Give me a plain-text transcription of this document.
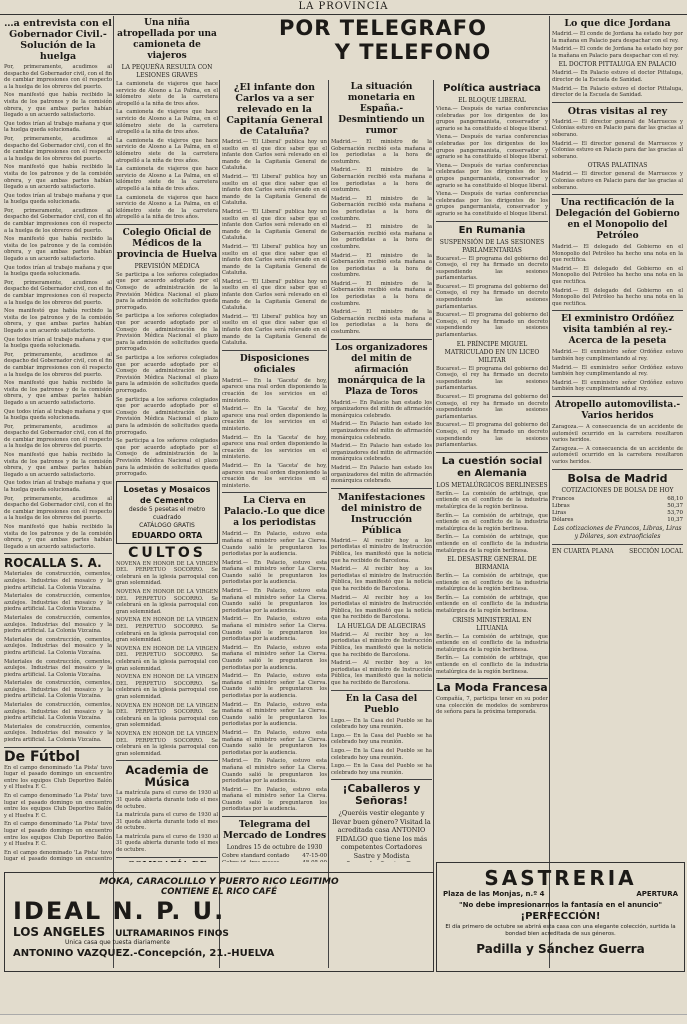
LA PROVINCIA
POR TELEGRAFO
Y TELEFONO
…a entrevista con el Gobernador Civil.-Solución de la huelga

Por, primeramente, acudimos al despacho del Gobernador civil, con el fin de cambiar impresiones con él respecto a la huelga de los obreros del puerto.

Nos manifestó que había recibido la visita de los patronos y de la comisión obrera, y que ambas partes habían llegado a un acuerdo satisfactorio.

Que todos irían al trabajo mañana y que la huelga queda solucionada.

Por, primeramente, acudimos al despacho del Gobernador civil, con el fin de cambiar impresiones con él respecto a la huelga de los obreros del puerto.

Nos manifestó que había recibido la visita de los patronos y de la comisión obrera, y que ambas partes habían llegado a un acuerdo satisfactorio.

Que todos irían al trabajo mañana y que la huelga queda solucionada.

Por, primeramente, acudimos al despacho del Gobernador civil, con el fin de cambiar impresiones con él respecto a la huelga de los obreros del puerto.

Nos manifestó que había recibido la visita de los patronos y de la comisión obrera, y que ambas partes habían llegado a un acuerdo satisfactorio.

Que todos irían al trabajo mañana y que la huelga queda solucionada.

Por, primeramente, acudimos al despacho del Gobernador civil, con el fin de cambiar impresiones con él respecto a la huelga de los obreros del puerto.

Nos manifestó que había recibido la visita de los patronos y de la comisión obrera, y que ambas partes habían llegado a un acuerdo satisfactorio.

Que todos irían al trabajo mañana y que la huelga queda solucionada.

Por, primeramente, acudimos al despacho del Gobernador civil, con el fin de cambiar impresiones con él respecto a la huelga de los obreros del puerto.

Nos manifestó que había recibido la visita de los patronos y de la comisión obrera, y que ambas partes habían llegado a un acuerdo satisfactorio.

Que todos irían al trabajo mañana y que la huelga queda solucionada.

Por, primeramente, acudimos al despacho del Gobernador civil, con el fin de cambiar impresiones con él respecto a la huelga de los obreros del puerto.

Nos manifestó que había recibido la visita de los patronos y de la comisión obrera, y que ambas partes habían llegado a un acuerdo satisfactorio.

Que todos irían al trabajo mañana y que la huelga queda solucionada.

Por, primeramente, acudimos al despacho del Gobernador civil, con el fin de cambiar impresiones con él respecto a la huelga de los obreros del puerto.

Nos manifestó que había recibido la visita de los patronos y de la comisión obrera, y que ambas partes habían llegado a un acuerdo satisfactorio.

ROCALLA S. A.

Materiales de construcción, cementos, azulejos. Industrias del mosaico y la piedra artificial. La Colonia Vizcaína.

Materiales de construcción, cementos, azulejos. Industrias del mosaico y la piedra artificial. La Colonia Vizcaína.

Materiales de construcción, cementos, azulejos. Industrias del mosaico y la piedra artificial. La Colonia Vizcaína.

Materiales de construcción, cementos, azulejos. Industrias del mosaico y la piedra artificial. La Colonia Vizcaína.

Materiales de construcción, cementos, azulejos. Industrias del mosaico y la piedra artificial. La Colonia Vizcaína.

Materiales de construcción, cementos, azulejos. Industrias del mosaico y la piedra artificial. La Colonia Vizcaína.

Materiales de construcción, cementos, azulejos. Industrias del mosaico y la piedra artificial. La Colonia Vizcaína.

Materiales de construcción, cementos, azulejos. Industrias del mosaico y la piedra artificial. La Colonia Vizcaína.

De Fútbol

En el campo denominado 'La Pista' tuvo lugar el pasado domingo un encuentro entre los equipos Club Deportivo Balón y el Huelva F. C.

En el campo denominado 'La Pista' tuvo lugar el pasado domingo un encuentro entre los equipos Club Deportivo Balón y el Huelva F. C.

En el campo denominado 'La Pista' tuvo lugar el pasado domingo un encuentro entre los equipos Club Deportivo Balón y el Huelva F. C.

En el campo denominado 'La Pista' tuvo lugar el pasado domingo un encuentro

Una niña atropellada por una camioneta de viajeros
LA PEQUEÑA RESULTA CON LESIONES GRAVES

La camioneta de viajeros que hace servicio de Alosno a La Palma, en el kilómetro siete de la carretera atropelló a la niña de tres años.

La camioneta de viajeros que hace servicio de Alosno a La Palma, en el kilómetro siete de la carretera atropelló a la niña de tres años.

La camioneta de viajeros que hace servicio de Alosno a La Palma, en el kilómetro siete de la carretera atropelló a la niña de tres años.

La camioneta de viajeros que hace servicio de Alosno a La Palma, en el kilómetro siete de la carretera atropelló a la niña de tres años.

La camioneta de viajeros que hace servicio de Alosno a La Palma, en el kilómetro siete de la carretera atropelló a la niña de tres años.

Colegio Oficial de Médicos de la provincia de Huelva
PREVISIÓN MÉDICA

Se participa a los señores colegiados que por acuerdo adoptado por el Consejo de administración de la Previsión Médica Nacional el plazo para la admisión de solicitudes queda prorrogado.

Se participa a los señores colegiados que por acuerdo adoptado por el Consejo de administración de la Previsión Médica Nacional el plazo para la admisión de solicitudes queda prorrogado.

Se participa a los señores colegiados que por acuerdo adoptado por el Consejo de administración de la Previsión Médica Nacional el plazo para la admisión de solicitudes queda prorrogado.

Se participa a los señores colegiados que por acuerdo adoptado por el Consejo de administración de la Previsión Médica Nacional el plazo para la admisión de solicitudes queda prorrogado.

Se participa a los señores colegiados que por acuerdo adoptado por el Consejo de administración de la Previsión Médica Nacional el plazo para la admisión de solicitudes queda prorrogado.

Losetas y Mosaicos de Cemento
desde 5 pesetas el metro cuadrado
CATÁLOGO GRATIS
EDUARDO ORTA
CULTOS

NOVENA EN HONOR DE LA VIRGEN DEL PERPETUO SOCORRO. Se celebrará en la iglesia parroquial con gran solemnidad.

NOVENA EN HONOR DE LA VIRGEN DEL PERPETUO SOCORRO. Se celebrará en la iglesia parroquial con gran solemnidad.

NOVENA EN HONOR DE LA VIRGEN DEL PERPETUO SOCORRO. Se celebrará en la iglesia parroquial con gran solemnidad.

NOVENA EN HONOR DE LA VIRGEN DEL PERPETUO SOCORRO. Se celebrará en la iglesia parroquial con gran solemnidad.

NOVENA EN HONOR DE LA VIRGEN DEL PERPETUO SOCORRO. Se celebrará en la iglesia parroquial con gran solemnidad.

NOVENA EN HONOR DE LA VIRGEN DEL PERPETUO SOCORRO. Se celebrará en la iglesia parroquial con gran solemnidad.

NOVENA EN HONOR DE LA VIRGEN DEL PERPETUO SOCORRO. Se celebrará en la iglesia parroquial con gran solemnidad.

Academia de Música

La matrícula para el curso de 1930 al 31 queda abierta durante todo el mes de octubre.

La matrícula para el curso de 1930 al 31 queda abierta durante todo el mes de octubre.

La matrícula para el curso de 1930 al 31 queda abierta durante todo el mes de octubre.

¿El infante don Carlos va a ser relevado en la Capitanía General de Cataluña?

Madrid.— 'El Liberal' publica hoy un suelto en el que dice saber que el infante don Carlos será relevado en el mando de la Capitanía General de Cataluña.

Madrid.— 'El Liberal' publica hoy un suelto en el que dice saber que el infante don Carlos será relevado en el mando de la Capitanía General de Cataluña.

Madrid.— 'El Liberal' publica hoy un suelto en el que dice saber que el infante don Carlos será relevado en el mando de la Capitanía General de Cataluña.

Madrid.— 'El Liberal' publica hoy un suelto en el que dice saber que el infante don Carlos será relevado en el mando de la Capitanía General de Cataluña.

Madrid.— 'El Liberal' publica hoy un suelto en el que dice saber que el infante don Carlos será relevado en el mando de la Capitanía General de Cataluña.

Madrid.— 'El Liberal' publica hoy un suelto en el que dice saber que el infante don Carlos será relevado en el mando de la Capitanía General de Cataluña.

Disposiciones oficiales

Madrid.— En la 'Gaceta' de hoy, aparece una real orden disponiendo la creación de los servicios en el ministerio.

Madrid.— En la 'Gaceta' de hoy, aparece una real orden disponiendo la creación de los servicios en el ministerio.

Madrid.— En la 'Gaceta' de hoy, aparece una real orden disponiendo la creación de los servicios en el ministerio.

Madrid.— En la 'Gaceta' de hoy, aparece una real orden disponiendo la creación de los servicios en el ministerio.

La Cierva en Palacio.-Lo que dice a los periodistas

Madrid.— En Palacio, estuvo esta mañana el ministro señor La Cierva. Cuando salió le preguntaron los periodistas por la audiencia.

Madrid.— En Palacio, estuvo esta mañana el ministro señor La Cierva. Cuando salió le preguntaron los periodistas por la audiencia.

Madrid.— En Palacio, estuvo esta mañana el ministro señor La Cierva. Cuando salió le preguntaron los periodistas por la audiencia.

Madrid.— En Palacio, estuvo esta mañana el ministro señor La Cierva. Cuando salió le preguntaron los periodistas por la audiencia.

Madrid.— En Palacio, estuvo esta mañana el ministro señor La Cierva. Cuando salió le preguntaron los periodistas por la audiencia.

Madrid.— En Palacio, estuvo esta mañana el ministro señor La Cierva. Cuando salió le preguntaron los periodistas por la audiencia.

Madrid.— En Palacio, estuvo esta mañana el ministro señor La Cierva. Cuando salió le preguntaron los periodistas por la audiencia.

Madrid.— En Palacio, estuvo esta mañana el ministro señor La Cierva. Cuando salió le preguntaron los periodistas por la audiencia.

Madrid.— En Palacio, estuvo esta mañana el ministro señor La Cierva. Cuando salió le preguntaron los periodistas por la audiencia.

Madrid.— En Palacio, estuvo esta mañana el ministro señor La Cierva. Cuando salió le preguntaron los periodistas por la audiencia.

Telegrama del Mercado de Londres
Londres 15 de octubre de 1930
Cobre standard contado	47-15-00

La situación monetaria en España.-Desmintiendo un rumor

Madrid.— El ministro de la Gobernación recibió esta mañana a los periodistas a la hora de costumbre.

Madrid.— El ministro de la Gobernación recibió esta mañana a los periodistas a la hora de costumbre.

Madrid.— El ministro de la Gobernación recibió esta mañana a los periodistas a la hora de costumbre.

Madrid.— El ministro de la Gobernación recibió esta mañana a los periodistas a la hora de costumbre.

Madrid.— El ministro de la Gobernación recibió esta mañana a los periodistas a la hora de costumbre.

Madrid.— El ministro de la Gobernación recibió esta mañana a los periodistas a la hora de costumbre.

Madrid.— El ministro de la Gobernación recibió esta mañana a los periodistas a la hora de costumbre.

Los organizadores del mitin de afirmación monárquica de la Plaza de Toros

Madrid.— En Palacio han estado los organizadores del mitin de afirmación monárquica celebrado.

Madrid.— En Palacio han estado los organizadores del mitin de afirmación monárquica celebrado.

Madrid.— En Palacio han estado los organizadores del mitin de afirmación monárquica celebrado.

Madrid.— En Palacio han estado los organizadores del mitin de afirmación monárquica celebrado.

Manifestaciones del ministro de Instrucción Pública

Madrid.— Al recibir hoy a los periodistas el ministro de Instrucción Pública, les manifestó que la noticia que ha recibido de Barcelona.

Madrid.— Al recibir hoy a los periodistas el ministro de Instrucción Pública, les manifestó que la noticia que ha recibido de Barcelona.

Madrid.— Al recibir hoy a los periodistas el ministro de Instrucción Pública, les manifestó que la noticia que ha recibido de Barcelona.

LA HUELGA DE ALGECIRAS

Madrid.— Al recibir hoy a los periodistas el ministro de Instrucción Pública, les manifestó que la noticia que ha recibido de Barcelona.

Madrid.— Al recibir hoy a los periodistas el ministro de Instrucción Pública, les manifestó que la noticia que ha recibido de Barcelona.

En la Casa del Pueblo

Lugo.— En la Casa del Pueblo se ha celebrado hoy una reunión.

Lugo.— En la Casa del Pueblo se ha celebrado hoy una reunión.

Lugo.— En la Casa del Pueblo se ha celebrado hoy una reunión.

Lugo.— En la Casa del Pueblo se ha celebrado hoy una reunión.

¡Caballeros y Señoras!
¿Queréis vestir elegante y llevar buen género? Visitad la acreditada casa ANTONIO FIDALGO que tiene los más competentes Cortadores Sastre y Modista
Política austriaca
EL BLOQUE LIBERAL

Viena.— Después de varias conferencias celebradas por los dirigentes de los grupos pangermanista, conservador y agrario se ha constituido el bloque liberal.

Viena.— Después de varias conferencias celebradas por los dirigentes de los grupos pangermanista, conservador y agrario se ha constituido el bloque liberal.

Viena.— Después de varias conferencias celebradas por los dirigentes de los grupos pangermanista, conservador y agrario se ha constituido el bloque liberal.

Viena.— Después de varias conferencias celebradas por los dirigentes de los grupos pangermanista, conservador y agrario se ha constituido el bloque liberal.

En Rumania
SUSPENSIÓN DE LAS SESIONES PARLAMENTARIAS

Bucarest.— El programa del gobierno del Consejo, el rey ha firmado un decreto suspendiendo las sesiones parlamentarias.

Bucarest.— El programa del gobierno del Consejo, el rey ha firmado un decreto suspendiendo las sesiones parlamentarias.

Bucarest.— El programa del gobierno del Consejo, el rey ha firmado un decreto suspendiendo las sesiones parlamentarias.

EL PRÍNCIPE MIGUEL MATRICULADO EN UN LICEO MILITAR

Bucarest.— El programa del gobierno del Consejo, el rey ha firmado un decreto suspendiendo las sesiones parlamentarias.

Bucarest.— El programa del gobierno del Consejo, el rey ha firmado un decreto suspendiendo las sesiones parlamentarias.

Bucarest.— El programa del gobierno del Consejo, el rey ha firmado un decreto suspendiendo las sesiones parlamentarias.

La cuestión social en Alemania
LOS METALÚRGICOS BERLINESES

Berlín.— La comisión de arbitraje, que entiende en el conflicto de la industria metalúrgica de la región berlinesa.

Berlín.— La comisión de arbitraje, que entiende en el conflicto de la industria metalúrgica de la región berlinesa.

Berlín.— La comisión de arbitraje, que entiende en el conflicto de la industria metalúrgica de la región berlinesa.

EL DESASTRE GENERAL DE BIRMANIA

Berlín.— La comisión de arbitraje, que entiende en el conflicto de la industria metalúrgica de la región berlinesa.

Berlín.— La comisión de arbitraje, que entiende en el conflicto de la industria metalúrgica de la región berlinesa.

CRISIS MINISTERIAL EN LITUANIA

Berlín.— La comisión de arbitraje, que entiende en el conflicto de la industria metalúrgica de la región berlinesa.

Berlín.— La comisión de arbitraje, que entiende en el conflicto de la industria metalúrgica de la región berlinesa.

La Moda Francesa

Compañía, 7, participa tener en su poder una colección de modelos de sombreros de señora para la próxima temporada.

Lo que dice Jordana

Madrid.— El conde de Jordana ha estado hoy por la mañana en Palacio para despachar con el rey.

Madrid.— El conde de Jordana ha estado hoy por la mañana en Palacio para despachar con el rey.

EL DOCTOR PITTALUGA EN PALACIO

Madrid.— En Palacio estuvo el doctor Pittaluga, director de la Escuela de Sanidad.

Madrid.— En Palacio estuvo el doctor Pittaluga, director de la Escuela de Sanidad.

Otras visitas al rey

Madrid.— El director general de Marruecos y Colonias estuvo en Palacio para dar las gracias al soberano.

Madrid.— El director general de Marruecos y Colonias estuvo en Palacio para dar las gracias al soberano.

OTRAS PALATINAS

Madrid.— El director general de Marruecos y Colonias estuvo en Palacio para dar las gracias al soberano.

Una rectificación de la Delegación del Gobierno en el Monopolio del Petróleo

Madrid.— El delegado del Gobierno en el Monopolio del Petróleo ha hecho una nota en la que rectifica.

Madrid.— El delegado del Gobierno en el Monopolio del Petróleo ha hecho una nota en la que rectifica.

Madrid.— El delegado del Gobierno en el Monopolio del Petróleo ha hecho una nota en la que rectifica.

El exministro Ordóñez visita también al rey.-Acerca de la peseta

Madrid.— El exministro señor Ordóñez estuvo también hoy cumplimentando al rey.

Madrid.— El exministro señor Ordóñez estuvo también hoy cumplimentando al rey.

Madrid.— El exministro señor Ordóñez estuvo también hoy cumplimentando al rey.

Atropello automovilista.-Varios heridos

Zaragoza.— A consecuencia de un accidente de automóvil ocurrido en la carretera resultaron varios heridos.

Zaragoza.— A consecuencia de un accidente de automóvil ocurrido en la carretera resultaron varios heridos.

Bolsa de Madrid
COTIZACIONES DE BOLSA DE HOY
Francos	68,10
Libras	50,37
Liras	53,70
Dólares	10,37
Las cotizaciones de Francos, Libras, Liras y Dólares, son extraoficiales
EN CUARTA PLANA	SECCIÓN LOCAL
SASTRERIA
Plaza de las Monjas, n.º 4	APERTURA
"No debe impresionarnos la fantasía en el anuncio"
¡PERFECCIÓN!
El día primero de octubre se abrirá esta casa con una elegante colección, surtida la bondad bien acreditada de sus géneros.
Padilla y Sánchez Guerra
MOKA, CARACOLILLO Y PUERTO RICO LEGITIMO
CONTIENE EL RICO CAFÉ
IDEAL N. P. U.
LOS ANGELES ULTRAMARINOS FINOS
Unica casa que tuesta diariamente
ANTONINO VAZQUEZ.-Concepción, 21.-HUELVA
